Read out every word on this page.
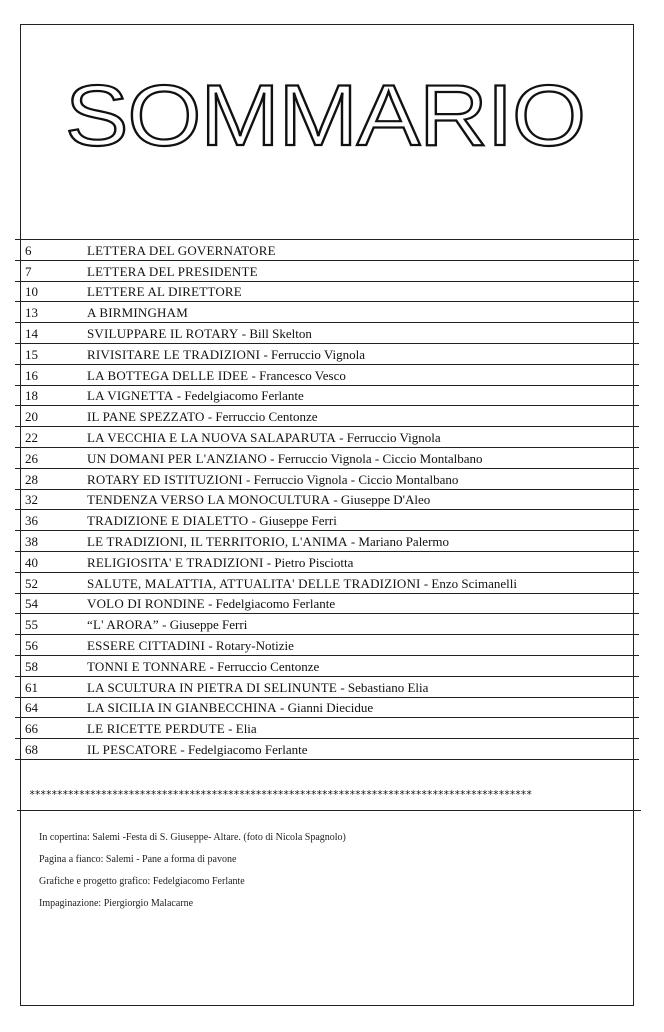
SOMMARIO
6	LETTERA DEL GOVERNATORE
7	LETTERA DEL PRESIDENTE
10	LETTERE AL DIRETTORE
13	A BIRMINGHAM
14	SVILUPPARE IL ROTARY - Bill Skelton
15	RIVISITARE LE TRADIZIONI - Ferruccio Vignola
16	LA BOTTEGA DELLE IDEE - Francesco Vesco
18	LA VIGNETTA - Fedelgiacomo Ferlante
20	IL PANE SPEZZATO - Ferruccio Centonze
22	LA VECCHIA E LA NUOVA SALAPARUTA - Ferruccio Vignola
26	UN DOMANI PER L'ANZIANO - Ferruccio Vignola - Ciccio Montalbano
28	ROTARY ED ISTITUZIONI - Ferruccio Vignola - Ciccio Montalbano
32	TENDENZA VERSO LA MONOCULTURA - Giuseppe D'Aleo
36	TRADIZIONE E DIALETTO - Giuseppe Ferri
38	LE TRADIZIONI, IL TERRITORIO, L'ANIMA - Mariano Palermo
40	RELIGIOSITA' E TRADIZIONI - Pietro Pisciotta
52	SALUTE, MALATTIA, ATTUALITA' DELLE TRADIZIONI - Enzo Scimanelli
54	VOLO DI RONDINE - Fedelgiacomo Ferlante
55	“L' ARORA” - Giuseppe Ferri
56	ESSERE CITTADINI - Rotary-Notizie
58	TONNI E TONNARE - Ferruccio Centonze
61	LA SCULTURA IN PIETRA DI SELINUNTE - Sebastiano Elia
64	LA SICILIA IN GIANBECCHINA - Gianni Diecidue
66	LE RICETTE PERDUTE - Elia
68	IL PESCATORE - Fedelgiacomo Ferlante
*******************************************************************************************
In copertina: Salemi -Festa di S. Giuseppe- Altare. (foto di Nicola Spagnolo)
Pagina a fianco: Salemi - Pane a forma di pavone
Grafiche e progetto grafico: Fedelgiacomo Ferlante
Impaginazione: Piergiorgio Malacarne
